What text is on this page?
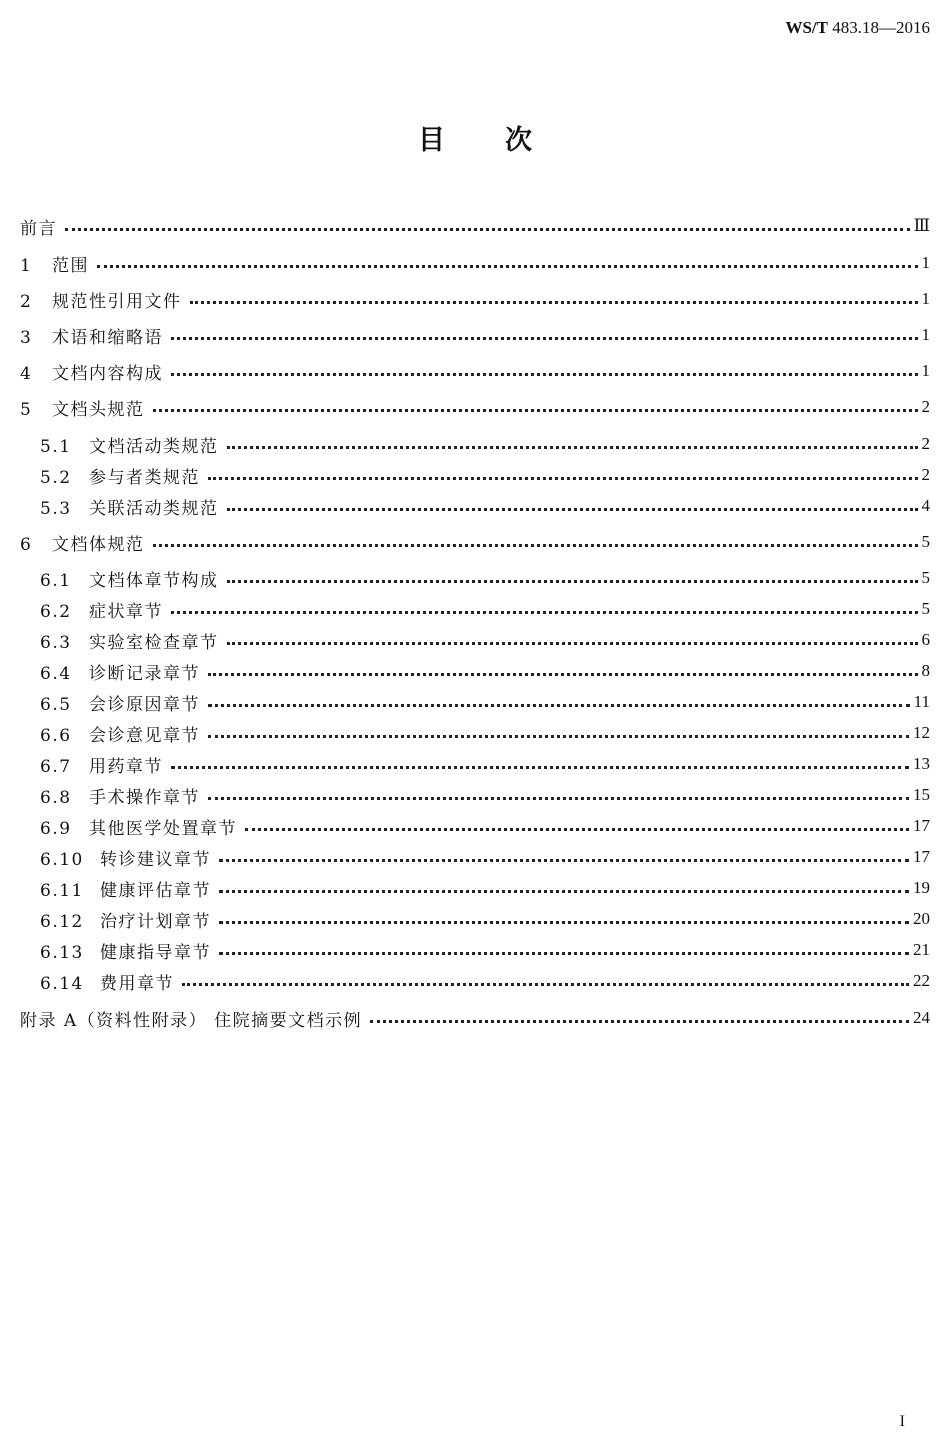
WS/T 483.18—2016
目 次
前言	Ⅲ
1 范围	1
2 规范性引用文件	1
3 术语和缩略语	1
4 文档内容构成	1
5 文档头规范	2
5.1 文档活动类规范	2
5.2 参与者类规范	2
5.3 关联活动类规范	4
6 文档体规范	5
6.1 文档体章节构成	5
6.2 症状章节	5
6.3 实验室检查章节	6
6.4 诊断记录章节	8
6.5 会诊原因章节	11
6.6 会诊意见章节	12
6.7 用药章节	13
6.8 手术操作章节	15
6.9 其他医学处置章节	17
6.10 转诊建议章节	17
6.11 健康评估章节	19
6.12 治疗计划章节	20
6.13 健康指导章节	21
6.14 费用章节	22
附录 A（资料性附录） 住院摘要文档示例	24
I
